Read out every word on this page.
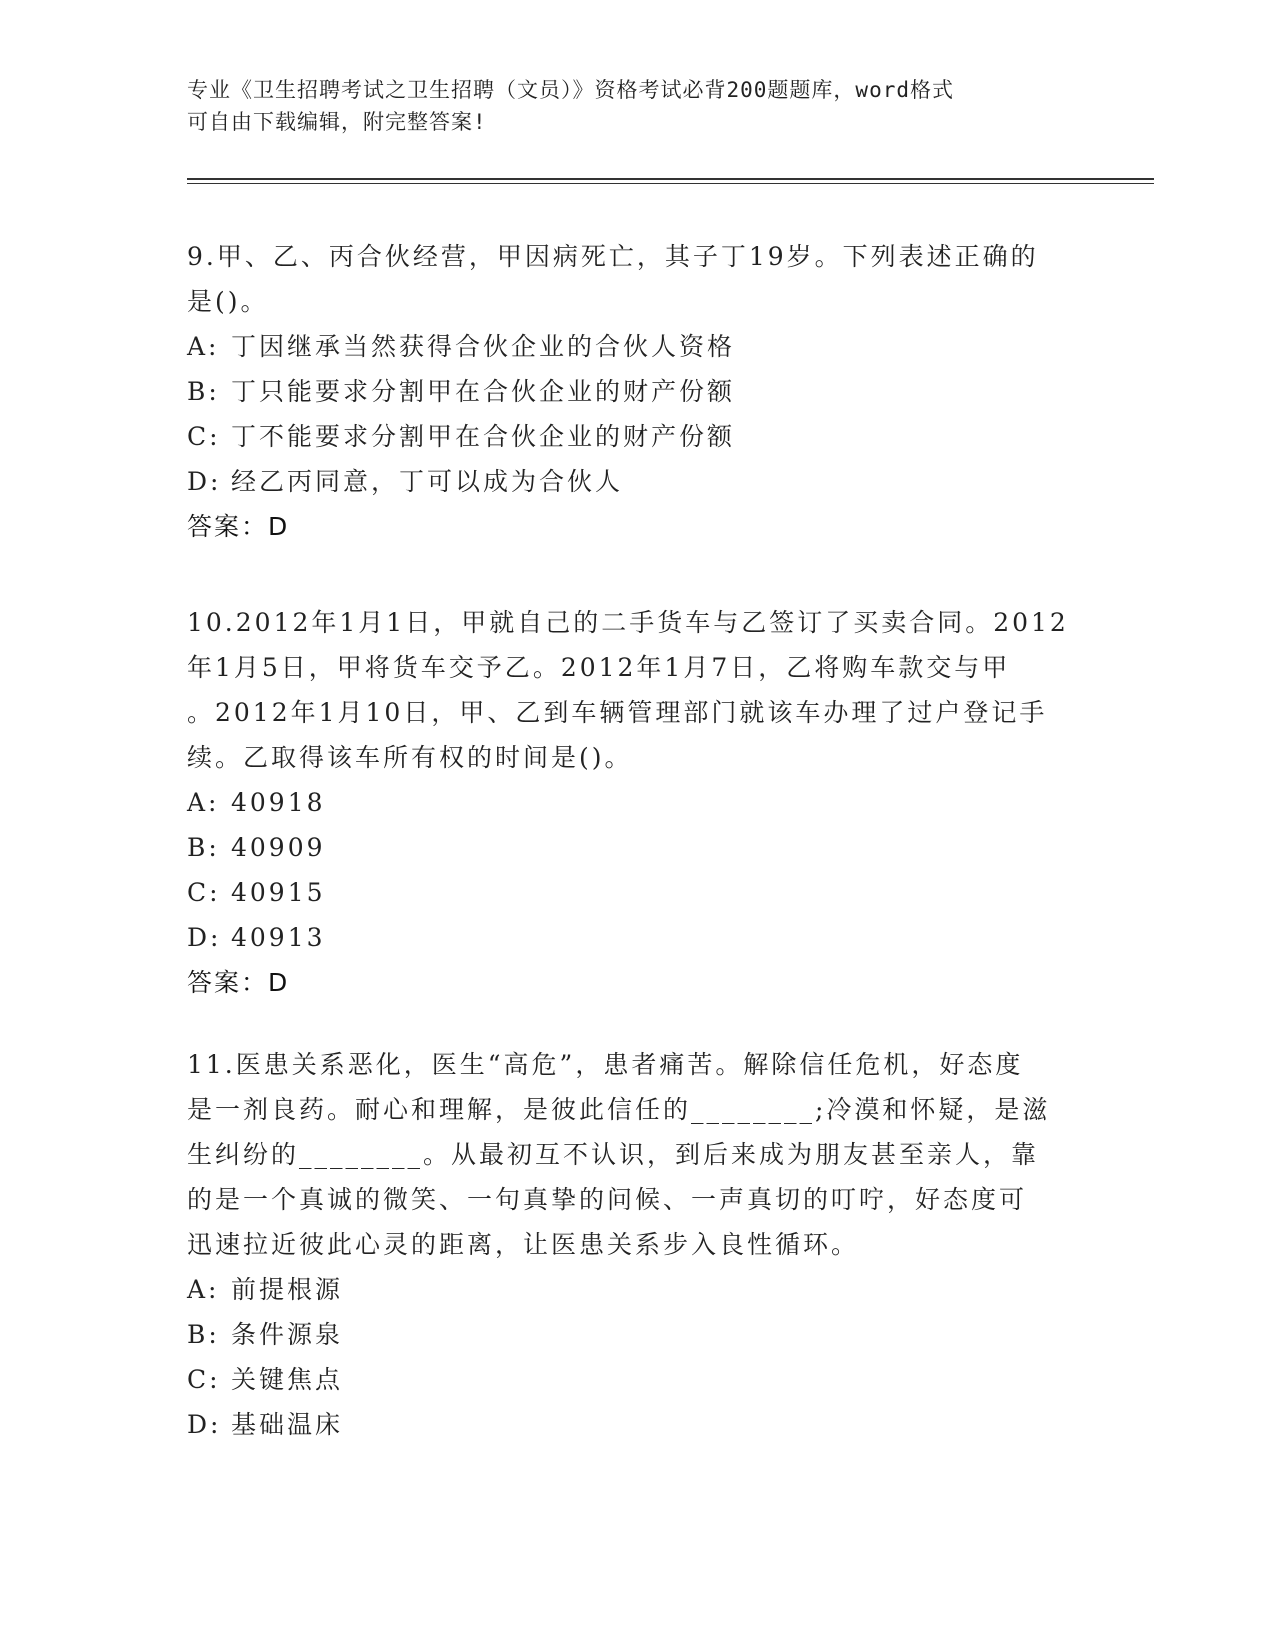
专业《卫生招聘考试之卫生招聘（文员）》资格考试必背200题题库，word格式
可自由下载编辑，附完整答案!
9.甲、乙、丙合伙经营，甲因病死亡，其子丁19岁。下列表述正确的
是()。
A: 丁因继承当然获得合伙企业的合伙人资格
B: 丁只能要求分割甲在合伙企业的财产份额
C: 丁不能要求分割甲在合伙企业的财产份额
D: 经乙丙同意，丁可以成为合伙人
答案：D
10.2012年1月1日，甲就自己的二手货车与乙签订了买卖合同。2012
年1月5日，甲将货车交予乙。2012年1月7日，乙将购车款交与甲
。2012年1月10日，甲、乙到车辆管理部门就该车办理了过户登记手
续。乙取得该车所有权的时间是()。
A: 40918
B: 40909
C: 40915
D: 40913
答案：D
11.医患关系恶化，医生“高危”，患者痛苦。解除信任危机，好态度
是一剂良药。耐心和理解，是彼此信任的________;冷漠和怀疑，是滋
生纠纷的________。从最初互不认识，到后来成为朋友甚至亲人，靠
的是一个真诚的微笑、一句真挚的问候、一声真切的叮咛，好态度可
迅速拉近彼此心灵的距离，让医患关系步入良性循环。
A: 前提根源
B: 条件源泉
C: 关键焦点
D: 基础温床
